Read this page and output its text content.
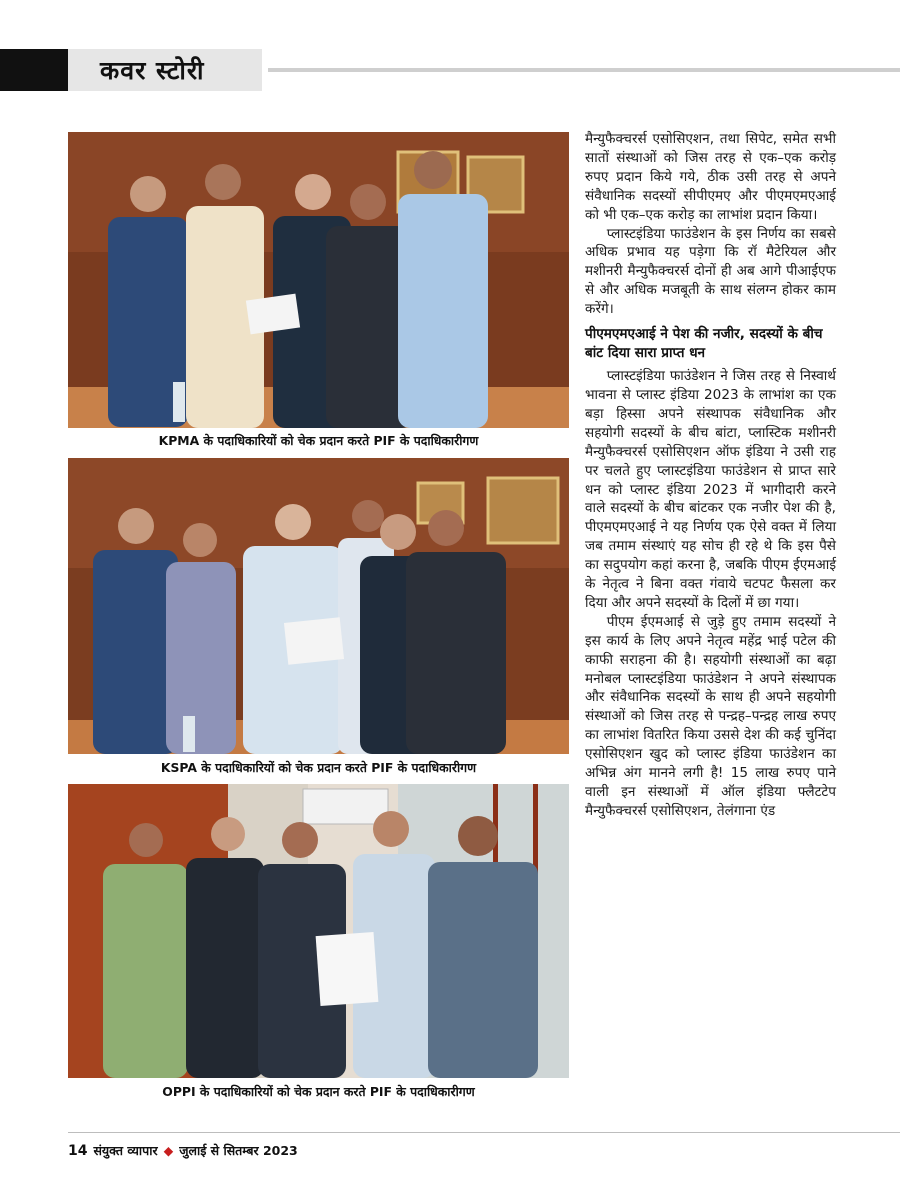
कवर स्टोरी
KPMA के पदाधिकारियों को चेक प्रदान करते PIF के पदाधिकारीगण
KSPA के पदाधिकारियों को चेक प्रदान करते PIF के पदाधिकारीगण
OPPI के पदाधिकारियों को चेक प्रदान करते PIF के पदाधिकारीगण

मैन्युफैक्चरर्स एसोसिएशन, तथा सिपेट, समेत सभी सातों संस्थाओं को जिस तरह से एक–एक करोड़ रुपए प्रदान किये गये, ठीक उसी तरह से अपने संवैधानिक सदस्यों सीपीएमए और पीएमएमएआई को भी एक–एक करोड़ का लाभांश प्रदान किया।

प्लास्टइंडिया फाउंडेशन के इस निर्णय का सबसे अधिक प्रभाव यह पड़ेगा कि रॉ मैटेरियल और मशीनरी मैन्युफैक्चरर्स दोनों ही अब आगे पीआईएफ से और अधिक मजबूती के साथ संलग्न होकर काम करेंगे।

पीएमएमएआई ने पेश की नजीर, सदस्यों के बीच बांट दिया सारा प्राप्त धन

प्लास्टइंडिया फाउंडेशन ने जिस तरह से निस्वार्थ भावना से प्लास्ट इंडिया 2023 के लाभांश का एक बड़ा हिस्सा अपने संस्थापक संवैधानिक और सहयोगी सदस्यों के बीच बांटा, प्लास्टिक मशीनरी मैन्युफैक्चरर्स एसोसिएशन ऑफ इंडिया ने उसी राह पर चलते हुए प्लास्टइंडिया फाउंडेशन से प्राप्त सारे धन को प्लास्ट इंडिया 2023 में भागीदारी करने वाले सदस्यों के बीच बांटकर एक नजीर पेश की है, पीएमएमएआई ने यह निर्णय एक ऐसे वक्त में लिया जब तमाम संस्थाएं यह सोच ही रहे थे कि इस पैसे का सदुपयोग कहां करना है, जबकि पीएम ईएमआई के नेतृत्व ने बिना वक्त गंवाये चटपट फैसला कर दिया और अपने सदस्यों के दिलों में छा गया।

पीएम ईएमआई से जुड़े हुए तमाम सदस्यों ने इस कार्य के लिए अपने नेतृत्व महेंद्र भाई पटेल की काफी सराहना की है। सहयोगी संस्थाओं का बढ़ा मनोबल प्लास्टइंडिया फाउंडेशन ने अपने संस्थापक और संवैधानिक सदस्यों के साथ ही अपने सहयोगी संस्थाओं को जिस तरह से पन्द्रह–पन्द्रह लाख रुपए का लाभांश वितरित किया उससे देश की कई चुनिंदा एसोसिएशन खुद को प्लास्ट इंडिया फाउंडेशन का अभिन्न अंग मानने लगी है! 15 लाख रुपए पाने वाली इन संस्थाओं में ऑल इंडिया फ्लैटटेप मैन्युफैक्चरर्स एसोसिएशन, तेलंगाना एंड

14 संयुक्त व्यापार ◆ जुलाई से सितम्बर 2023
